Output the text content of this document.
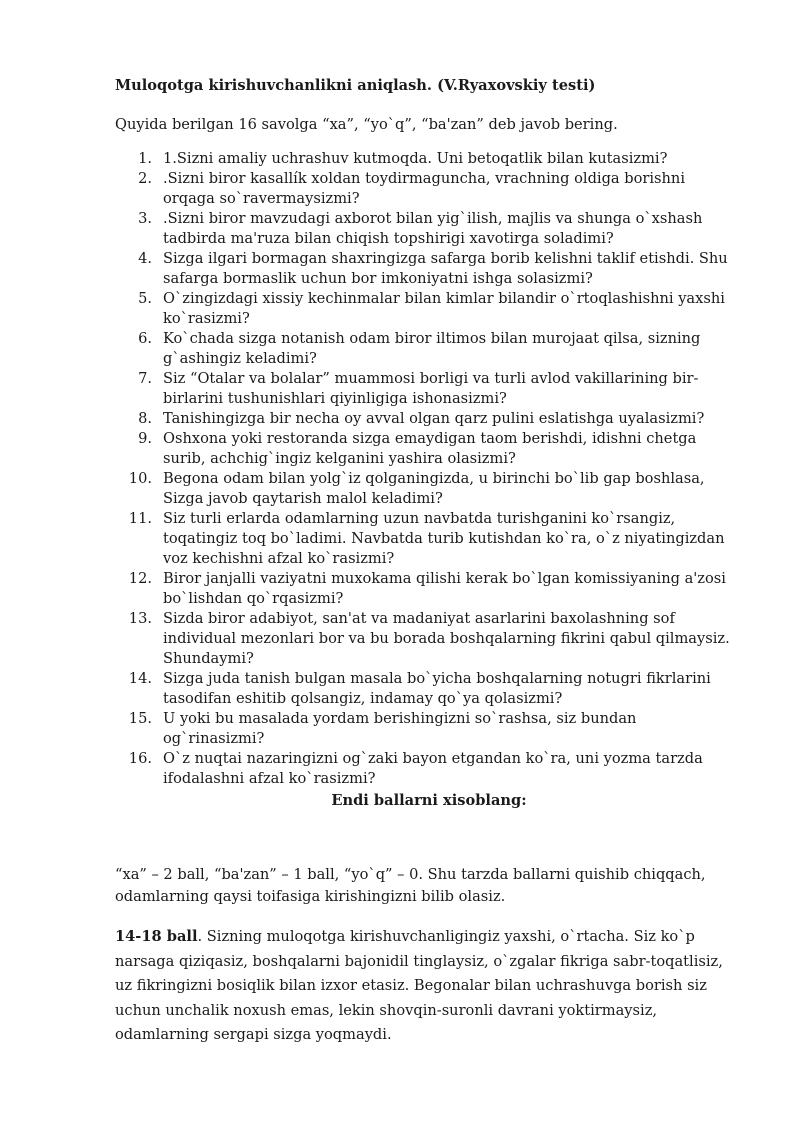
Muloqotga kirishuvchanlikni aniqlash. (V.Ryaxovskiy testi)
Quyida berilgan 16 savolga “xa”, “yo`q”, “ba'zan” deb javob bering.
1. 1.Sizni amaliy uchrashuv kutmoqda. Uni betoqatlik bilan kutasizmi?
2. .Sizni biror kasallík xoldan toydirmaguncha, vrachning oldiga borishni orqaga so`ravermaysizmi?
3. .Sizni biror mavzudagi axborot bilan yig`ilish, majlis va shunga o`xshash tadbirda ma'ruza bilan chiqish topshirigi xavotirga soladimi?
4. Sizga ilgari bormagan shaxringizga safarga borib kelishni taklif etishdi. Shu safarga bormaslik uchun bor imkoniyatni ishga solasizmi?
5. O`zingizdagi xissiy kechinmalar bilan kimlar bilandir o`rtoqlashishni yaxshi ko`rasizmi?
6. Ko`chada sizga notanish odam biror iltimos bilan murojaat qilsa, sizning g`ashingiz keladimi?
7. Siz “Otalar va bolalar” muammosi borligi va turli avlod vakillarining bir-birlarini tushunishlari qiyinligiga ishonasizmi?
8. Tanishingizga bir necha oy avval olgan qarz pulini eslatishga uyalasizmi?
9. Oshxona yoki restoranda sizga emaydigan taom berishdi, idishni chetga surib, achchig`ingiz kelganini yashira olasizmi?
10. Begona odam bilan yolg`iz qolganingizda, u birinchi bo`lib gap boshlasa, Sizga javob qaytarish malol keladimi?
11. Siz turli erlarda odamlarning uzun navbatda turishganini ko`rsangiz, toqatingiz toq bo`ladimi. Navbatda turib kutishdan ko`ra, o`z niyatingizdan voz kechishni afzal ko`rasizmi?
12. Biror janjalli vaziyatni muxokama qilishi kerak bo`lgan komissiyaning a'zosi bo`lishdan qo`rqasizmi?
13. Sizda biror adabiyot, san'at va madaniyat asarlarini baxolashning sof individual mezonlari bor va bu borada boshqalarning fikrini qabul qilmaysiz. Shundaymi?
14. Sizga juda tanish bulgan masala bo`yicha boshqalarning notugri fikrlarini tasodifan eshitib qolsangiz, indamay qo`ya qolasizmi?
15. U yoki bu masalada yordam berishingizni so`rashsa, siz bundan og`rinasizmi?
16. O`z nuqtai nazaringizni og`zaki bayon etgandan ko`ra, uni yozma tarzda ifodalashni afzal ko`rasizmi?
Endi ballarni xisoblang:

“xa” – 2 ball, “ba'zan” – 1 ball, “yo`q” – 0. Shu tarzda ballarni quishib chiqqach, odamlarning qaysi toifasiga kirishingizni bilib olasiz.

14-18 ball. Sizning muloqotga kirishuvchanligingiz yaxshi, o`rtacha. Siz ko`p narsaga qiziqasiz, boshqalarni bajonidil tinglaysiz, o`zgalar fikriga sabr-toqatlisiz, uz fikringizni bosiqlik bilan izxor etasiz. Begonalar bilan uchrashuvga borish siz uchun unchalik noxush emas, lekin shovqin-suronli davrani yoktirmaysiz, odamlarning sergapi sizga yoqmaydi.
